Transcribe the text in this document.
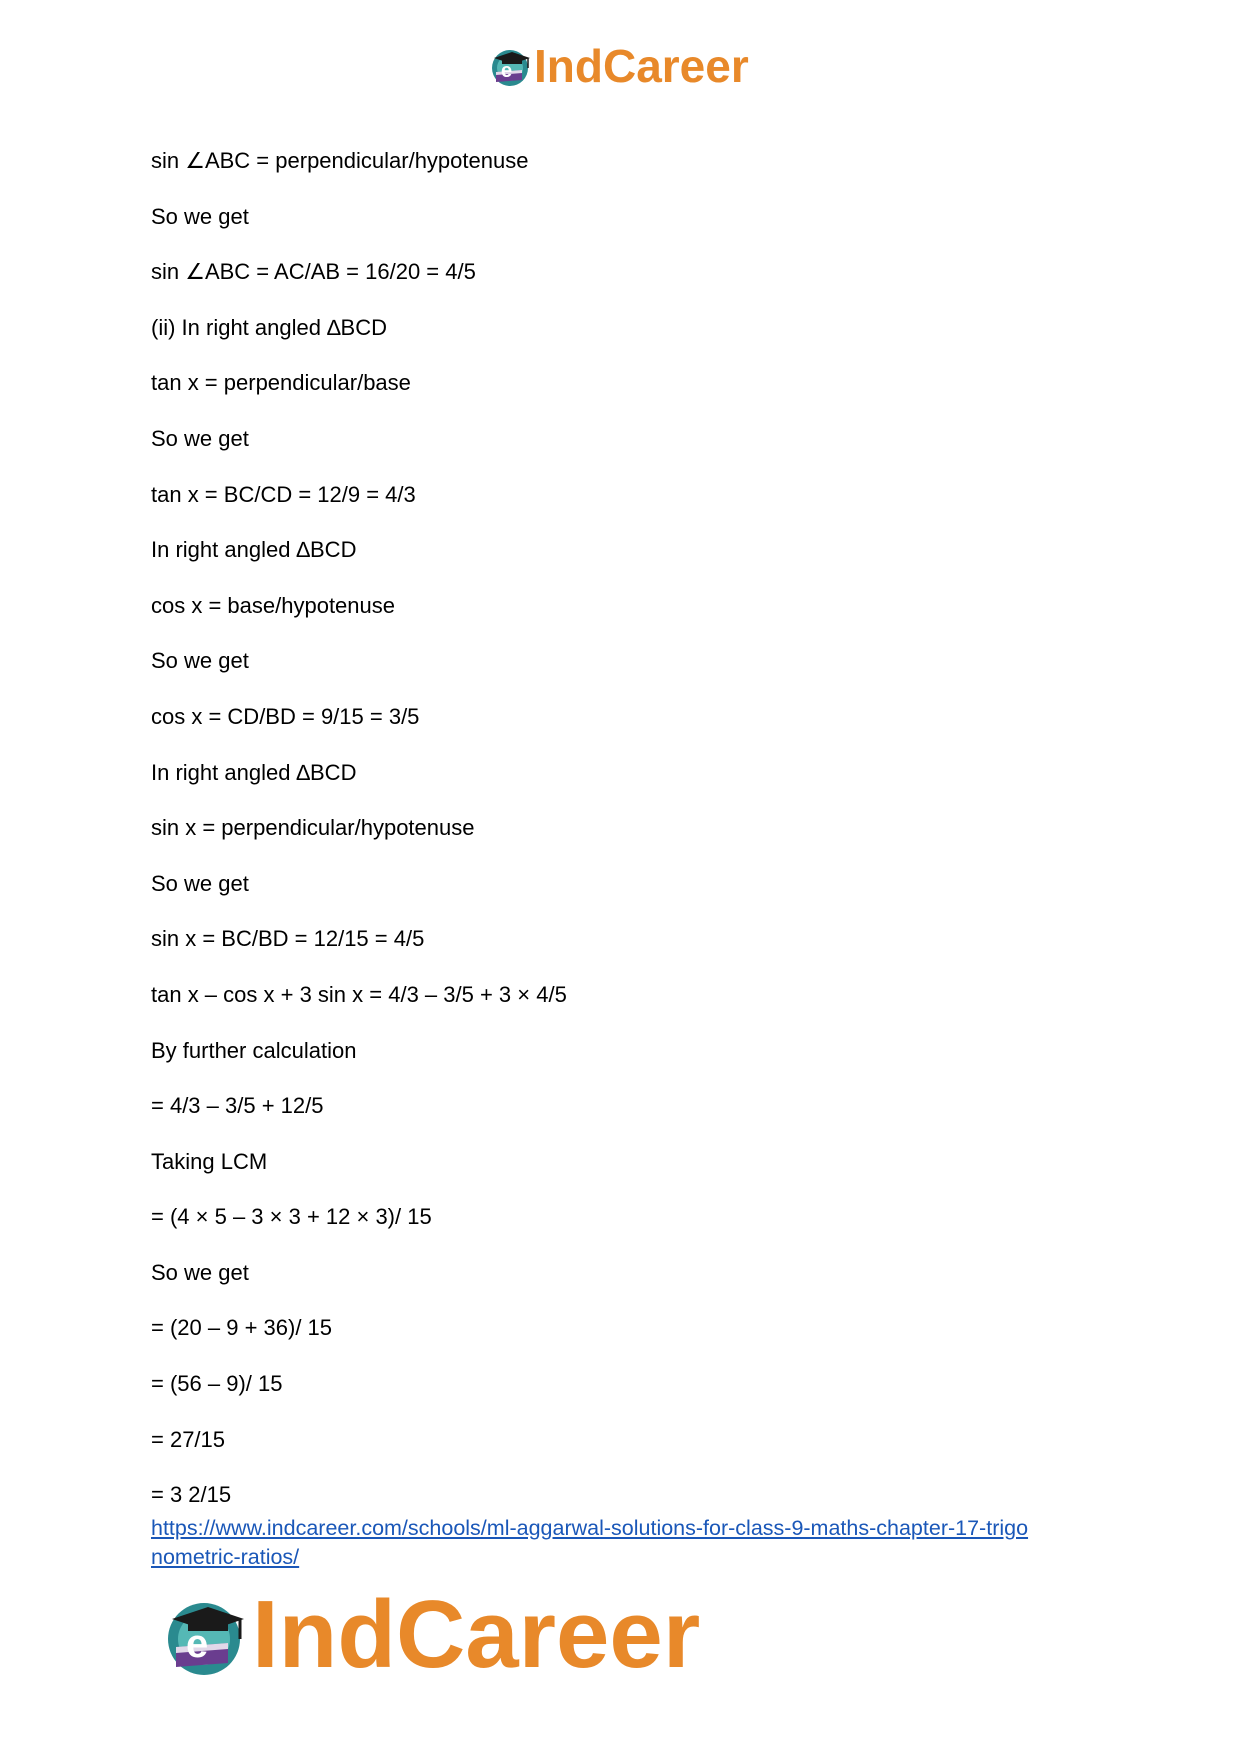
e IndCareer
sin ∠ABC = perpendicular/hypotenuse
So we get
sin ∠ABC = AC/AB = 16/20 = 4/5
(ii) In right angled ∆BCD
tan x = perpendicular/base
So we get
tan x = BC/CD = 12/9 = 4/3
In right angled ∆BCD
cos x = base/hypotenuse
So we get
cos x = CD/BD = 9/15 = 3/5
In right angled ∆BCD
sin x = perpendicular/hypotenuse
So we get
sin x = BC/BD = 12/15 = 4/5
tan x – cos x + 3 sin x = 4/3 – 3/5 + 3 × 4/5
By further calculation
= 4/3 – 3/5 + 12/5
Taking LCM
= (4 × 5 – 3 × 3 + 12 × 3)/ 15
So we get
= (20 – 9 + 36)/ 15
= (56 – 9)/ 15
= 27/15
= 3 2/15
https://www.indcareer.com/schools/ml-aggarwal-solutions-for-class-9-maths-chapter-17-trigo
nometric-ratios/
e IndCareer
